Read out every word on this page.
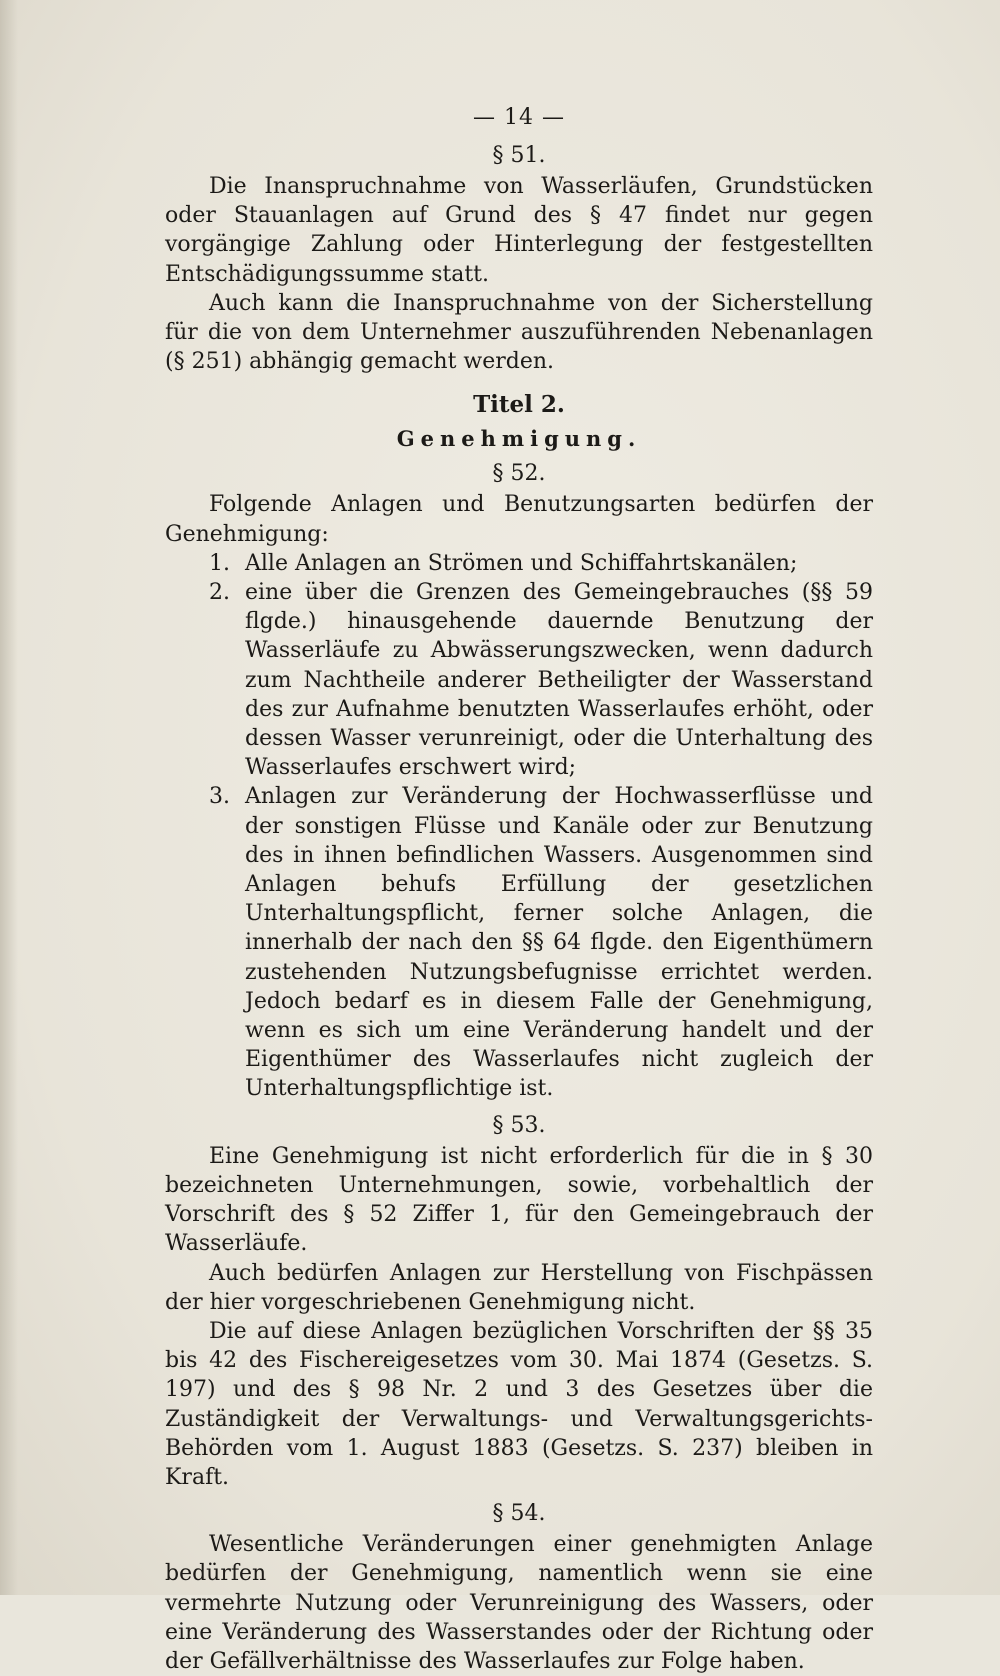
— 14 —
§ 51.

Die Inanspruchnahme von Wasserläufen, Grundstücken oder Stauanlagen auf Grund des § 47 findet nur gegen vorgängige Zahlung oder Hinterlegung der festgestellten Entschädigungssumme statt.

Auch kann die Inanspruchnahme von der Sicherstellung für die von dem Unternehmer auszuführenden Nebenanlagen (§ 251) abhängig gemacht werden.

Titel 2.
Genehmigung.
§ 52.

Folgende Anlagen und Benutzungsarten bedürfen der Genehmigung:

1. Alle Anlagen an Strömen und Schiffahrtskanälen;
2. eine über die Grenzen des Gemeingebrauches (§§ 59 flgde.) hinausgehende dauernde Benutzung der Wasserläufe zu Abwässerungszwecken, wenn dadurch zum Nachtheile anderer Betheiligter der Wasserstand des zur Aufnahme benutzten Wasserlaufes erhöht, oder dessen Wasser verunreinigt, oder die Unterhaltung des Wasserlaufes erschwert wird;
3. Anlagen zur Veränderung der Hochwasserflüsse und der sonstigen Flüsse und Kanäle oder zur Benutzung des in ihnen befindlichen Wassers. Ausgenommen sind Anlagen behufs Erfüllung der gesetzlichen Unterhaltungspflicht, ferner solche Anlagen, die innerhalb der nach den §§ 64 flgde. den Eigenthümern zustehenden Nutzungsbefugnisse errichtet werden. Jedoch bedarf es in diesem Falle der Genehmigung, wenn es sich um eine Veränderung handelt und der Eigenthümer des Wasserlaufes nicht zugleich der Unterhaltungspflichtige ist.
§ 53.

Eine Genehmigung ist nicht erforderlich für die in § 30 bezeichneten Unternehmungen, sowie, vorbehaltlich der Vorschrift des § 52 Ziffer 1, für den Gemeingebrauch der Wasserläufe.

Auch bedürfen Anlagen zur Herstellung von Fischpässen der hier vorgeschriebenen Genehmigung nicht.

Die auf diese Anlagen bezüglichen Vorschriften der §§ 35 bis 42 des Fischereigesetzes vom 30. Mai 1874 (Gesetzs. S. 197) und des § 98 Nr. 2 und 3 des Gesetzes über die Zuständigkeit der Verwaltungs- und Verwaltungsgerichts-Behörden vom 1. August 1883 (Gesetzs. S. 237) bleiben in Kraft.

§ 54.

Wesentliche Veränderungen einer genehmigten Anlage bedürfen der Genehmigung, namentlich wenn sie eine vermehrte Nutzung oder Verunreinigung des Wassers, oder eine Veränderung des Wasserstandes oder der Richtung oder der Gefällverhältnisse des Wasserlaufes zur Folge haben.
